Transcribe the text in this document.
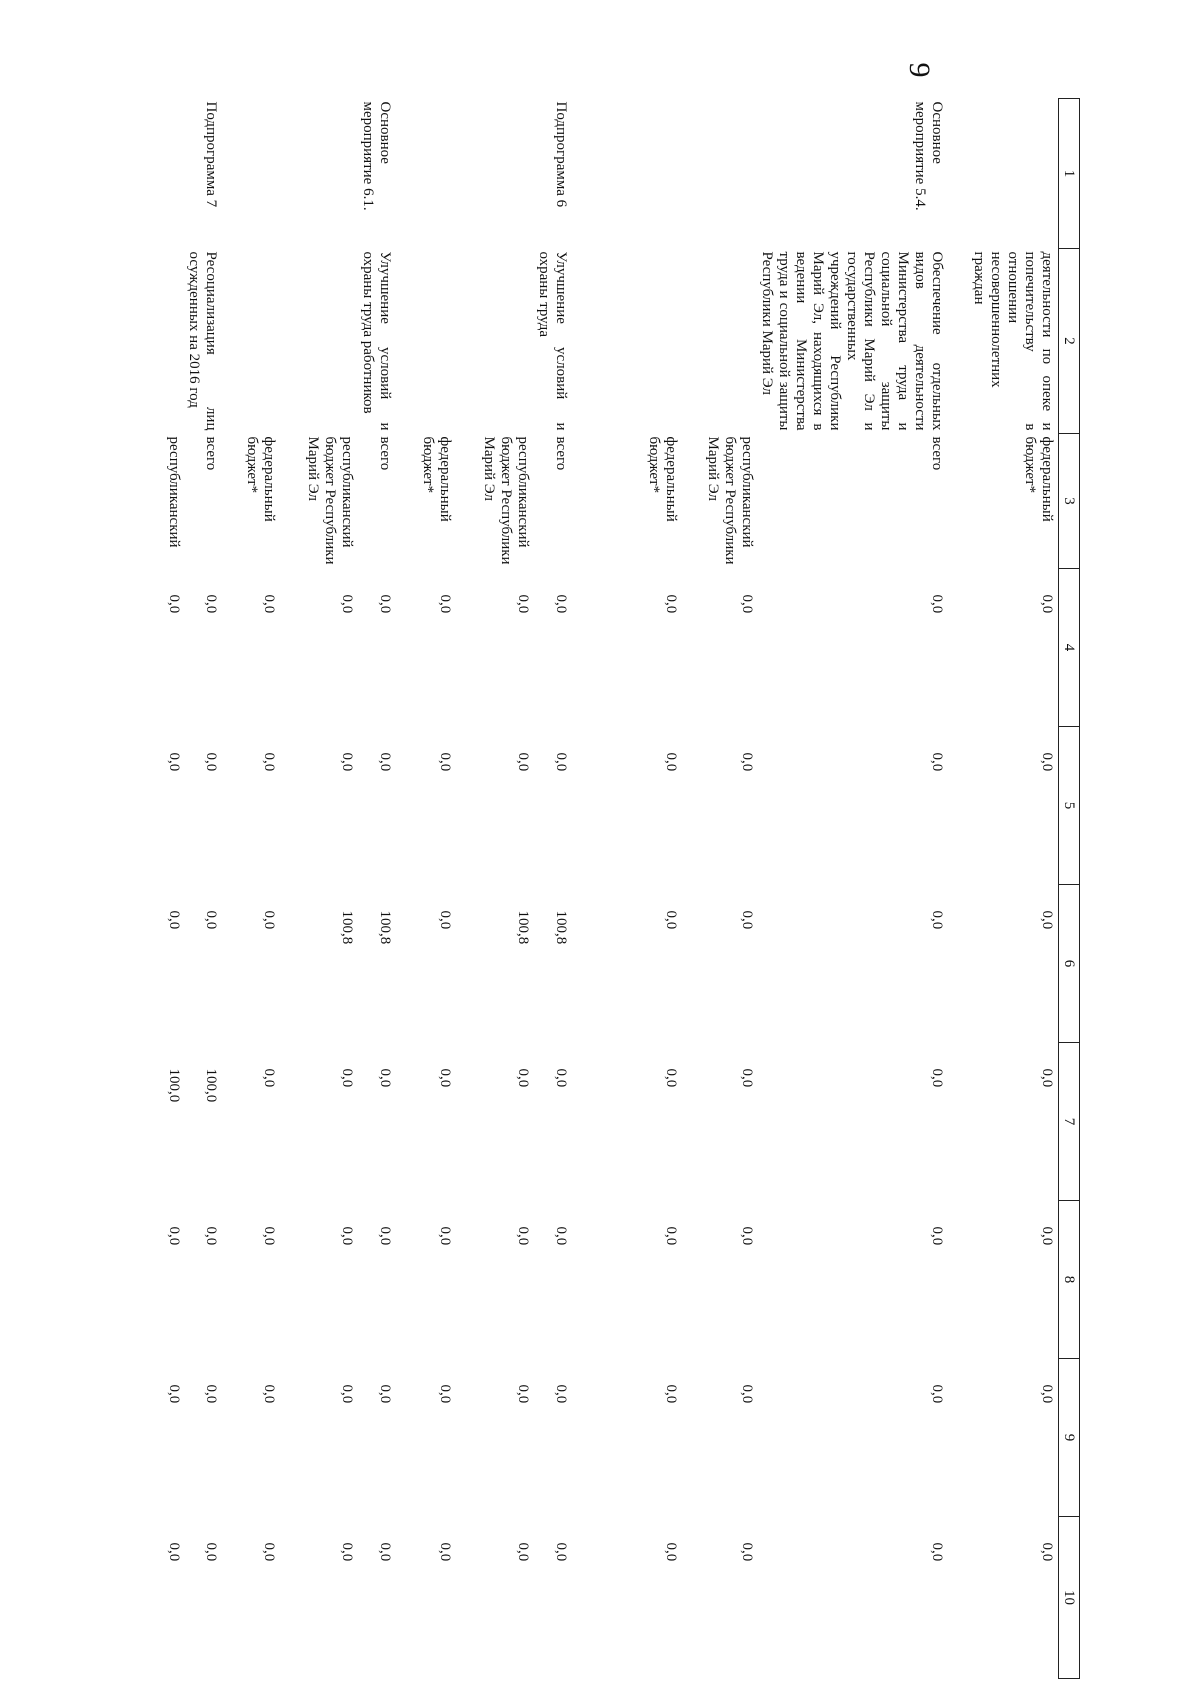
9
1	2	3	4	5	6	7	8	9	10
	деятельности по опеке и попечительству в отношении несовершеннолетних граждан	федеральный бюджет*	0,0	0,0	0,0	0,0	0,0	0,0	0,0
Основное мероприятие 5.4.	Обеспечение отдельных видов деятельности Министерства труда и социальной защиты Республики Марий Эл и государственных учреждений Республики Марий Эл, находящихся в ведении Министерства труда и социальной защиты Республики Марий Эл	всего	0,0	0,0	0,0	0,0	0,0	0,0	0,0
		республиканский бюджет Республики Марий Эл	0,0	0,0	0,0	0,0	0,0	0,0	0,0
		федеральный бюджет*	0,0	0,0	0,0	0,0	0,0	0,0	0,0
Подпрограмма 6	Улучшение условий и охраны труда	всего	0,0	0,0	100,8	0,0	0,0	0,0	0,0
		республиканский бюджет Республики Марий Эл	0,0	0,0	100,8	0,0	0,0	0,0	0,0
		федеральный бюджет*	0,0	0,0	0,0	0,0	0,0	0,0	0,0
Основное мероприятие 6.1.	Улучшение условий и охраны труда работников	всего	0,0	0,0	100,8	0,0	0,0	0,0	0,0
		республиканский бюджет Республики Марий Эл	0,0	0,0	100,8	0,0	0,0	0,0	0,0
		федеральный бюджет*	0,0	0,0	0,0	0,0	0,0	0,0	0,0
Подпрограмма 7	Ресоциализация лиц осужденных на 2016 год	всего	0,0	0,0	0,0	100,0	0,0	0,0	0,0
		республиканский	0,0	0,0	0,0	100,0	0,0	0,0	0,0
